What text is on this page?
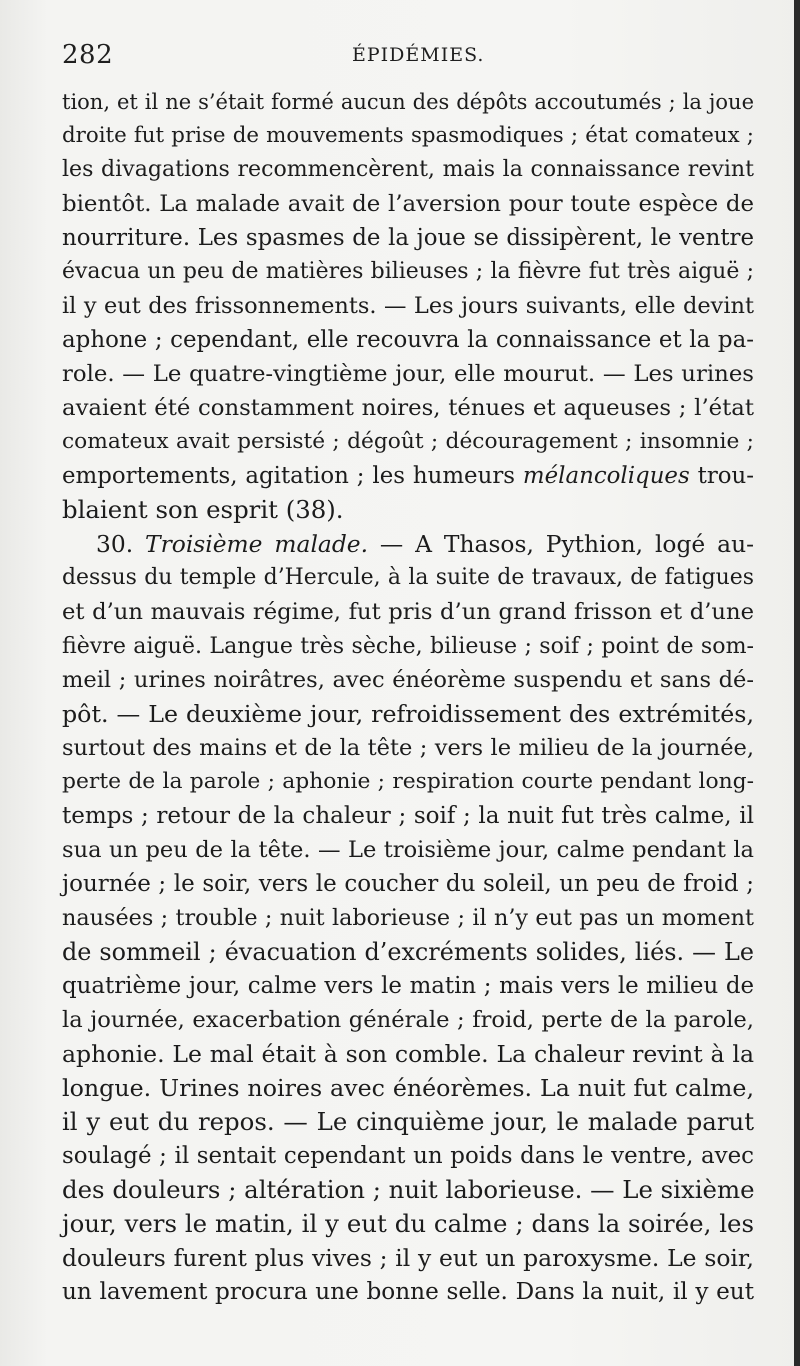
282	ÉPIDÉMIES.
tion, et il ne s’était formé aucun des dépôts accoutumés ; la joue
droite fut prise de mouvements spasmodiques ; état comateux ;
les divagations recommencèrent, mais la connaissance revint
bientôt. La malade avait de l’aversion pour toute espèce de
nourriture. Les spasmes de la joue se dissipèrent, le ventre
évacua un peu de matières bilieuses ; la fièvre fut très aiguë ;
il y eut des frissonnements. — Les jours suivants, elle devint
aphone ; cependant, elle recouvra la connaissance et la pa-
role. — Le quatre-vingtième jour, elle mourut. — Les urines
avaient été constamment noires, ténues et aqueuses ; l’état
comateux avait persisté ; dégoût ; découragement ; insomnie ;
emportements, agitation ; les humeurs mélancoliques trou-
blaient son esprit (38).
30. Troisième malade. — A Thasos, Pythion, logé au-
dessus du temple d’Hercule, à la suite de travaux, de fatigues
et d’un mauvais régime, fut pris d’un grand frisson et d’une
fièvre aiguë. Langue très sèche, bilieuse ; soif ; point de som-
meil ; urines noirâtres, avec énéorème suspendu et sans dé-
pôt. — Le deuxième jour, refroidissement des extrémités,
surtout des mains et de la tête ; vers le milieu de la journée,
perte de la parole ; aphonie ; respiration courte pendant long-
temps ; retour de la chaleur ; soif ; la nuit fut très calme, il
sua un peu de la tête. — Le troisième jour, calme pendant la
journée ; le soir, vers le coucher du soleil, un peu de froid ;
nausées ; trouble ; nuit laborieuse ; il n’y eut pas un moment
de sommeil ; évacuation d’excréments solides, liés. — Le
quatrième jour, calme vers le matin ; mais vers le milieu de
la journée, exacerbation générale ; froid, perte de la parole,
aphonie. Le mal était à son comble. La chaleur revint à la
longue. Urines noires avec énéorèmes. La nuit fut calme,
il y eut du repos. — Le cinquième jour, le malade parut
soulagé ; il sentait cependant un poids dans le ventre, avec
des douleurs ; altération ; nuit laborieuse. — Le sixième
jour, vers le matin, il y eut du calme ; dans la soirée, les
douleurs furent plus vives ; il y eut un paroxysme. Le soir,
un lavement procura une bonne selle. Dans la nuit, il y eut
